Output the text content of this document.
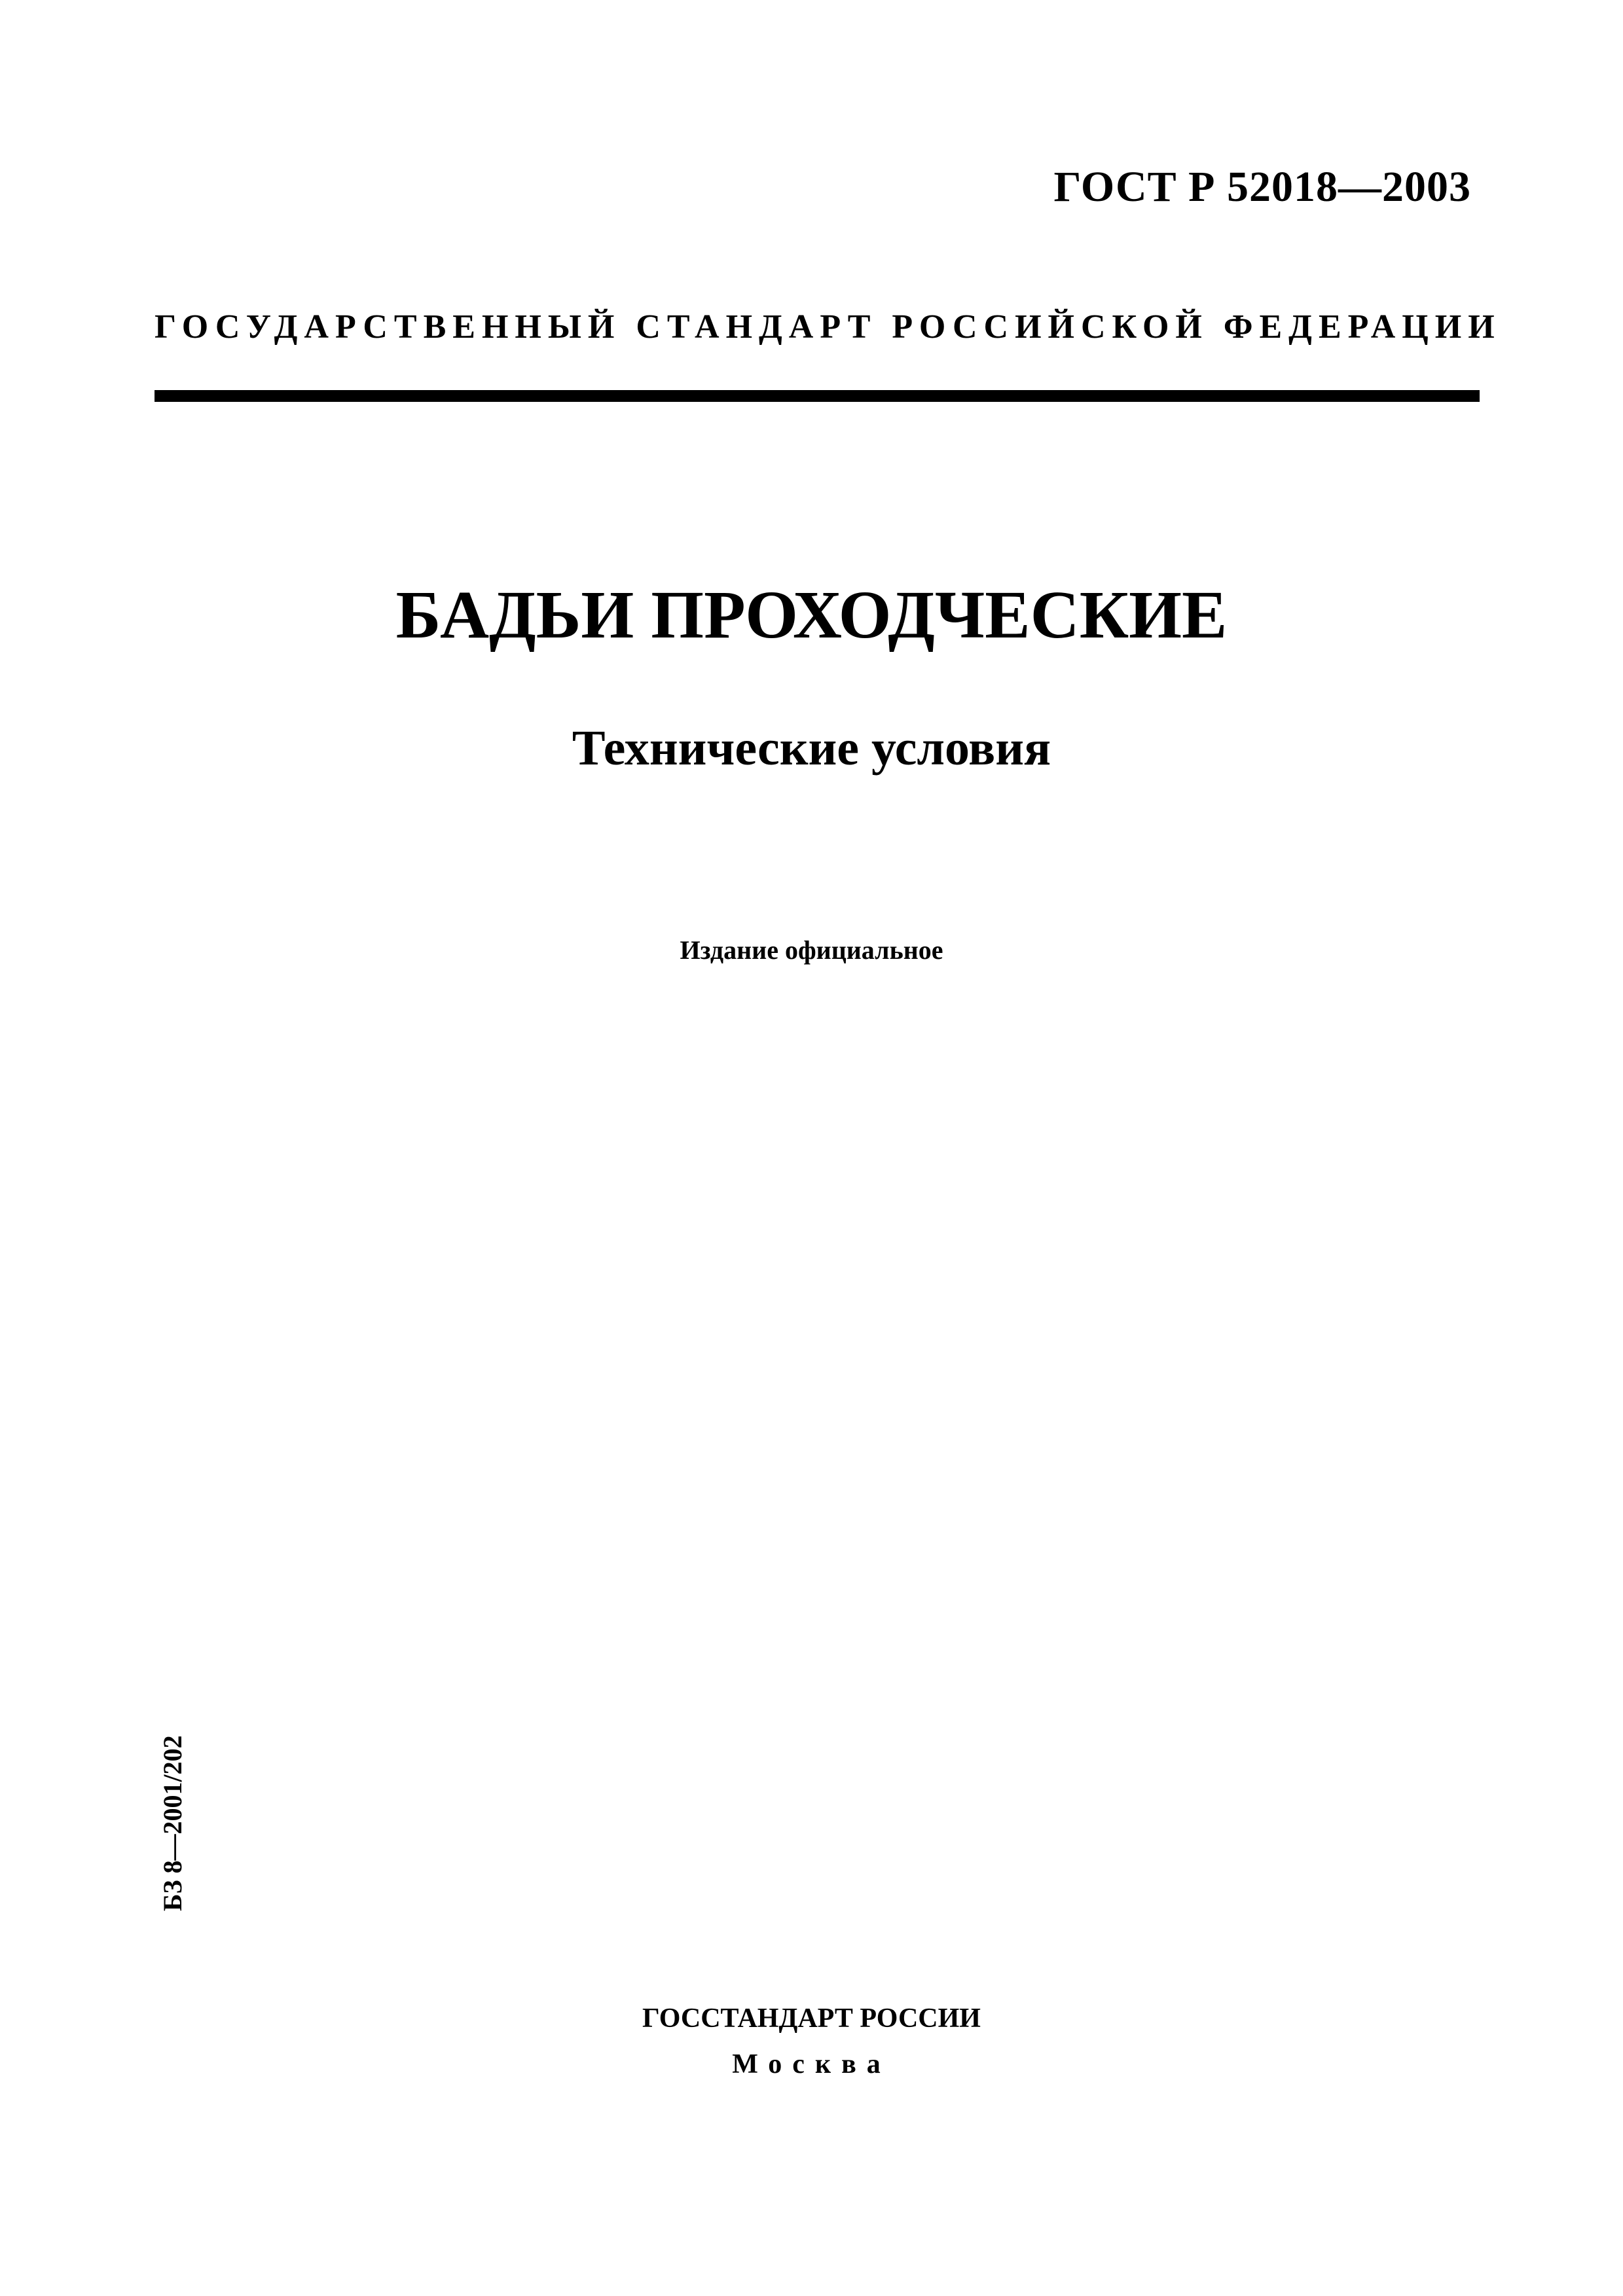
ГОСТ Р 52018—2003
ГОСУДАРСТВЕННЫЙ СТАНДАРТ РОССИЙСКОЙ ФЕДЕРАЦИИ
БАДЬИ ПРОХОДЧЕСКИЕ
Технические условия
Издание официальное
БЗ 8—2001/202
ГОССТАНДАРТ РОССИИ
Москва
